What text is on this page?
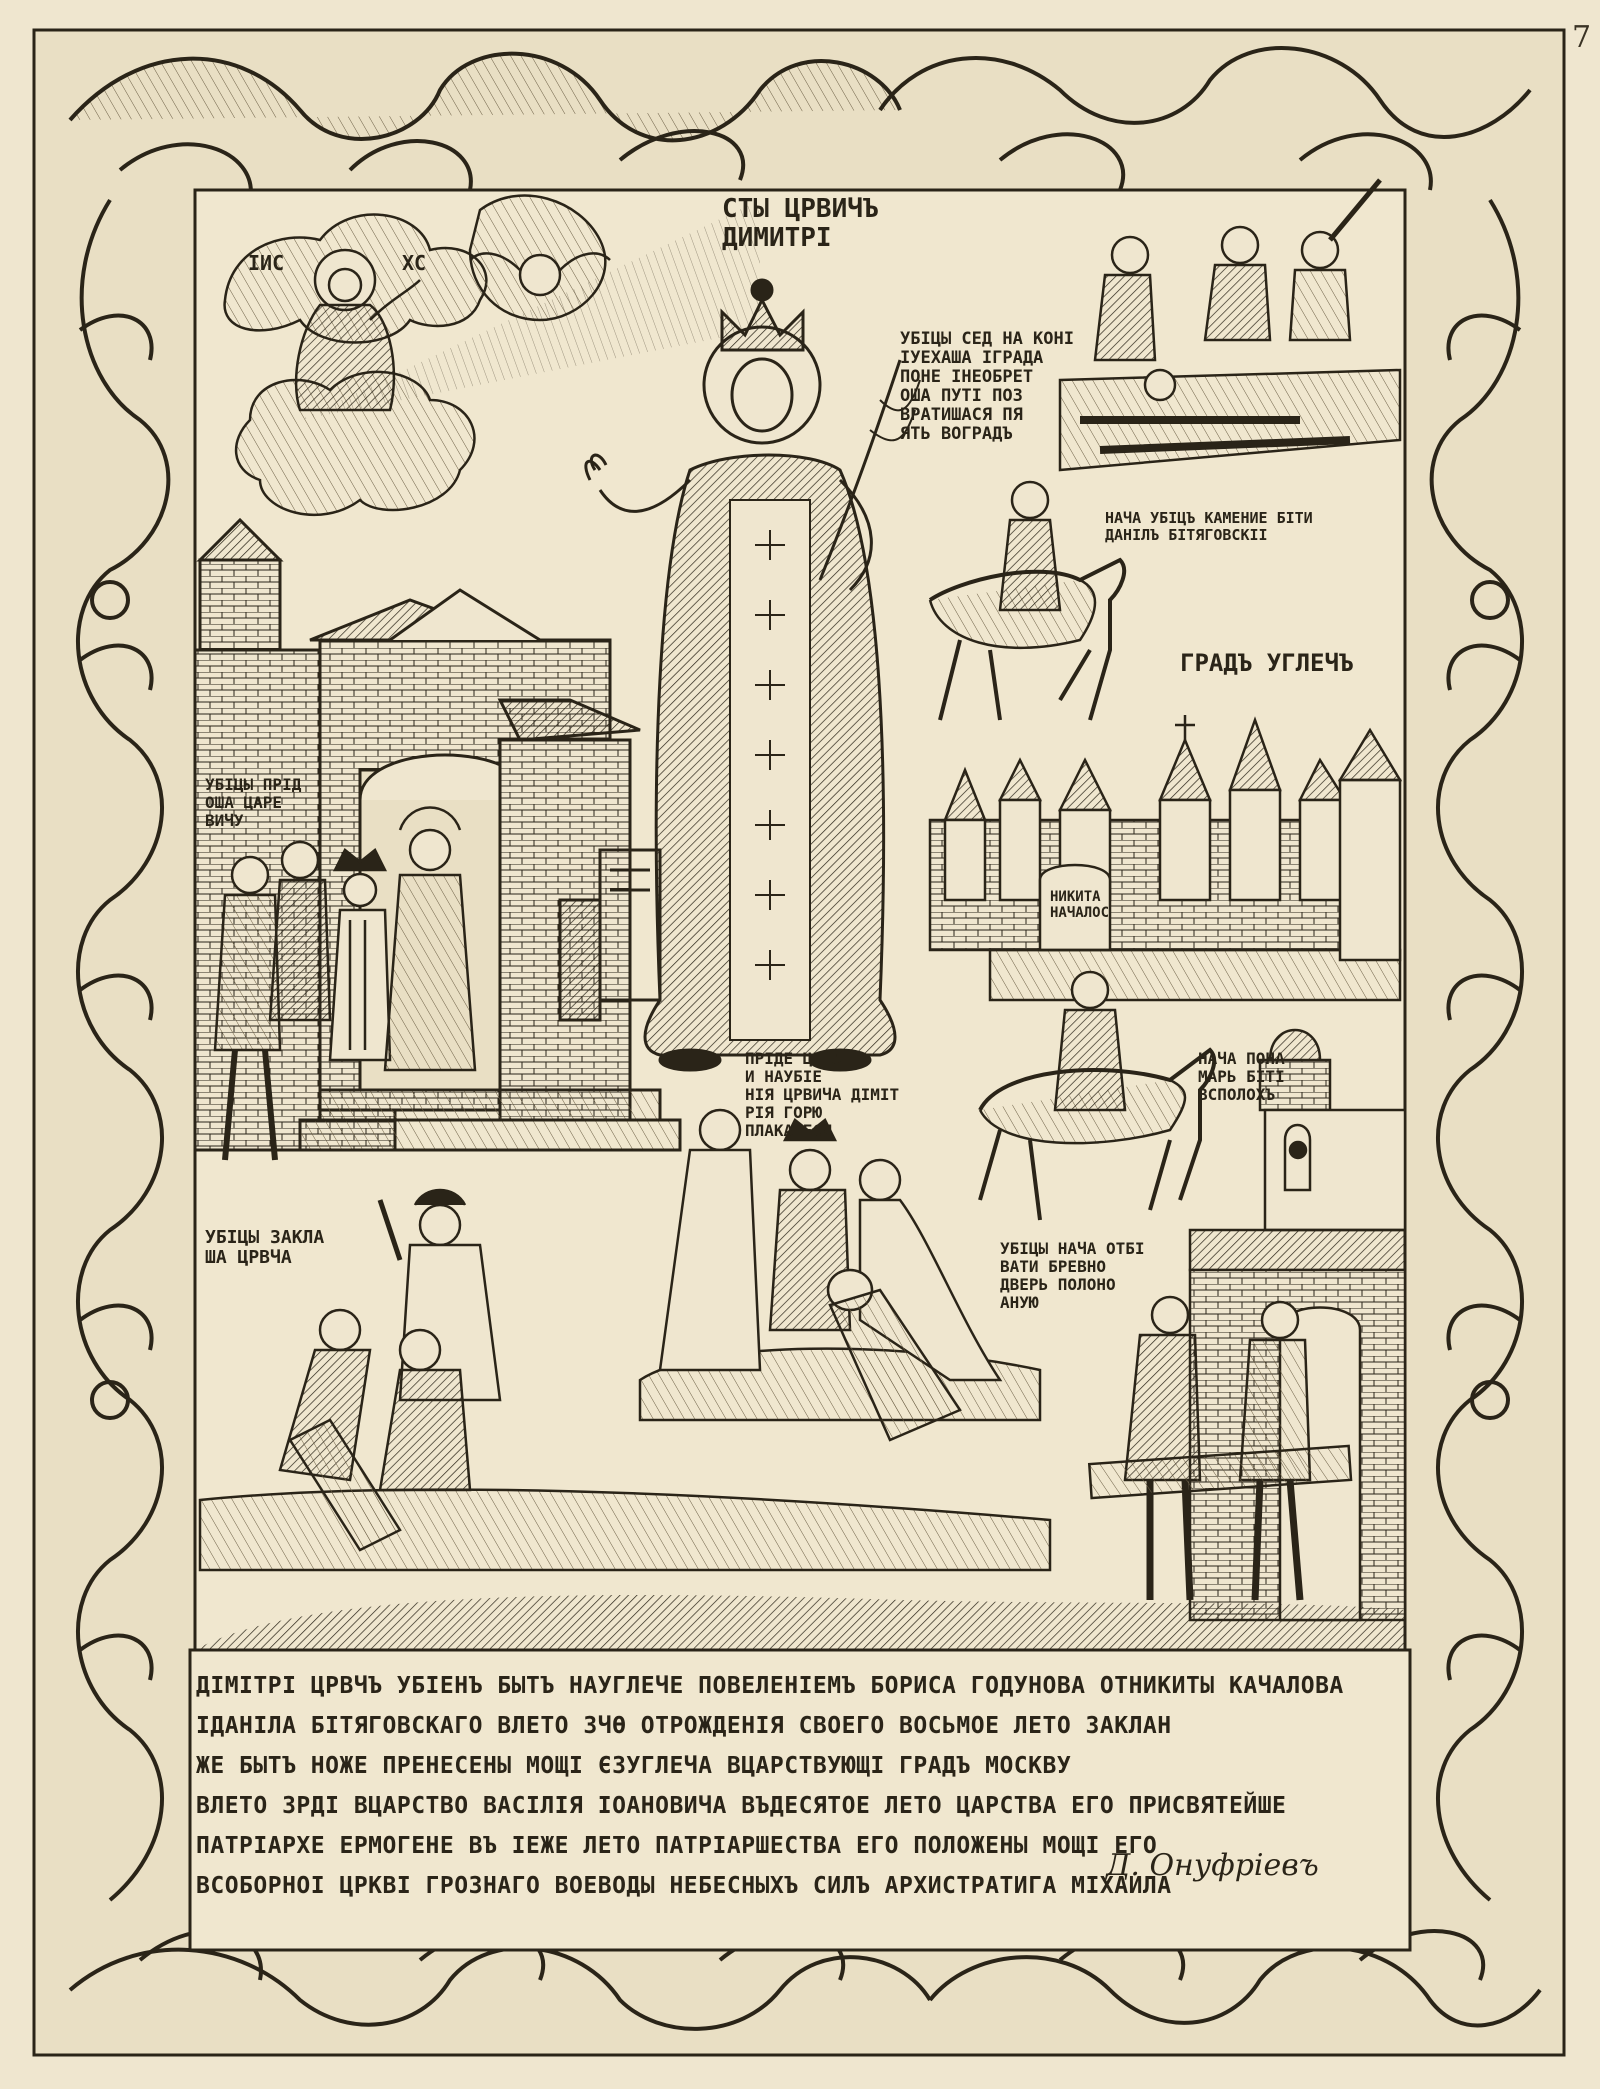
7
СТЫ ЦРВИЧЪ
ДИМИТРІ
ІИС	ХС
УБІЦЫ СЕД НА КОНІ
ІУЕХАША ІГРАДА
ПОНЕ ІНЕОБРЕТ
ОША ПУТІ ПОЗ
ВРАТИШАСЯ ПЯ
ЯТЬ ВОГРАДЪ
НАЧА УБІЦЪ КАМЕНИЕ БІТИ
ДАНІЛЪ БІТЯГОВСКІІ
ГРАДЪ УГЛЕЧЪ
УБІЦЫ ПРІД
ОША ЦАРЕ
ВИЧУ
НИКИТА
НАЧАЛОС
НАЧА ПОНА
МАРЬ БІТІ
ВСПОЛОХЪ
ПРІДЕ ЦРЦА
И НАУБІЕ
НІЯ ЦРВИЧА ДІМІТ
РІЯ ГОРЮ
ПЛАКАШЕСЯ
УБІЦЫ ЗАКЛА
ША ЦРВЧА	УБІЦЫ НАЧА ОТБІ
ВАТИ БРЕВНО
ДВЕРЬ ПОЛОНО
АНУЮ
ДІМІТРІ ЦРВЧЪ УБІЕНЪ БЫТЪ НАУГЛЕЧЕ ПОВЕЛЕНІЕМЪ БОРИСА ГОДУНОВА ОТНИКИТЫ КАЧАЛОВА
ІДАНІЛА БІТЯГОВСКАГО ВЛЕТО ЗЧѲ ОТРОЖДЕНІЯ СВОЕГО ВОСЬМОЕ ЛЕТО ЗАКЛАН
ЖЕ БЫТЪ НОЖЕ ПРЕНЕСЕНЫ МОЩІ ЄЗУГЛЕЧА ВЦАРСТВУЮЩІ ГРАДЪ МОСКВУ
ВЛЕТО ЗРДІ ВЦАРСТВО ВАСІЛІЯ ІОАНОВИЧА ВЪДЕСЯТОЕ ЛЕТО ЦАРСТВА ЕГО ПРИСВЯТЕЙШЕ
ПАТРІАРХЕ ЕРМОГЕНЕ ВЪ ІЕЖЕ ЛЕТО ПАТРІАРШЕСТВА ЕГО ПОЛОЖЕНЫ МОЩІ ЕГО
ВСОБОРНОІ ЦРКВІ ГРОЗНАГО ВОЕВОДЫ НЕБЕСНЫХЪ СИЛЪ АРХИСТРАТИГА МІХАИЛА
Д. Онуфріевъ
